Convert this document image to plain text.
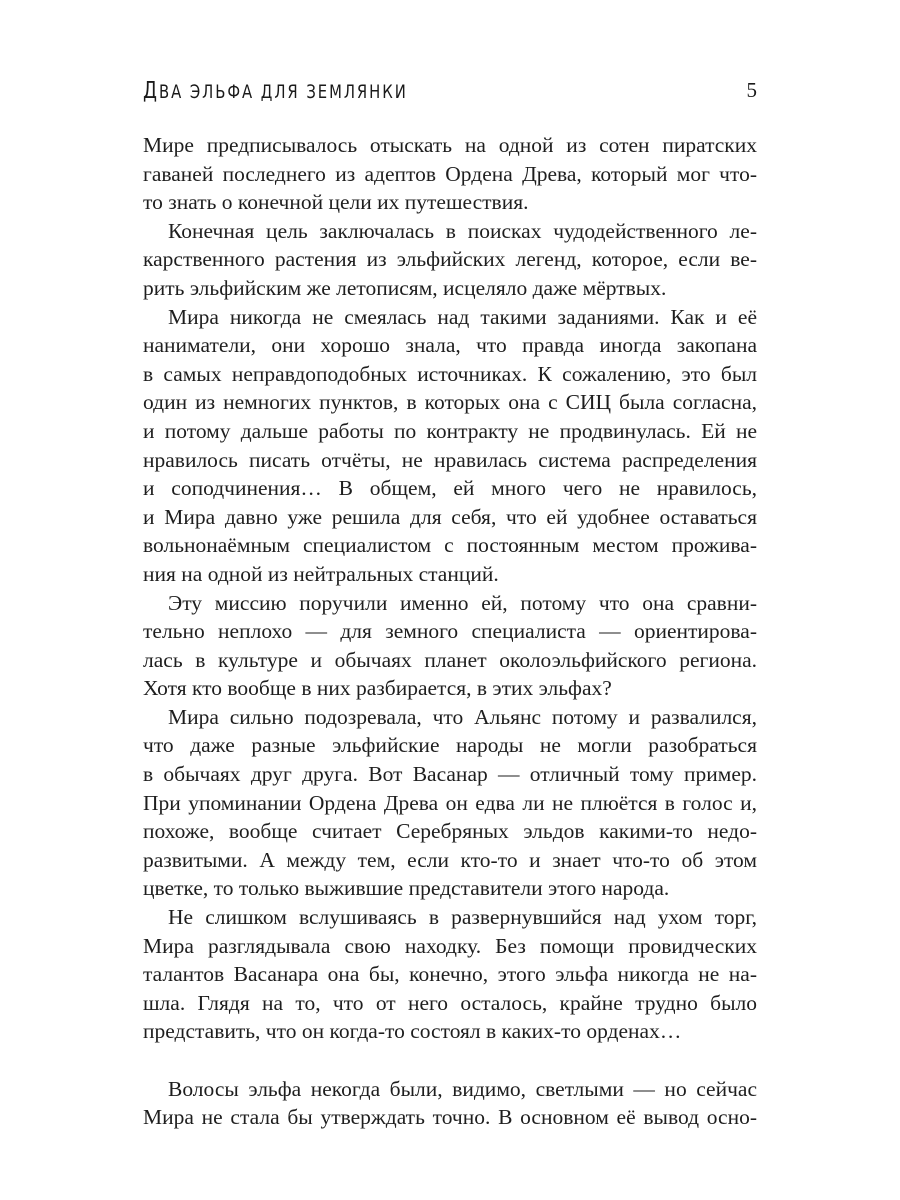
ДВА ЭЛЬФА ДЛЯ ЗЕМЛЯНКИ	5
Мире предписывалось отыскать на одной из сотен пиратских
гаваней последнего из адептов Ордена Древа, который мог что-
то знать о конечной цели их путешествия.
Конечная цель заключалась в поисках чудодейственного ле-
карственного растения из эльфийских легенд, которое, если ве-
рить эльфийским же летописям, исцеляло даже мёртвых.
Мира никогда не смеялась над такими заданиями. Как и её
наниматели, они хорошо знала, что правда иногда закопана
в самых неправдоподобных источниках. К сожалению, это был
один из немногих пунктов, в которых она с СИЦ была согласна,
и потому дальше работы по контракту не продвинулась. Ей не
нравилось писать отчёты, не нравилась система распределения
и соподчинения… В общем, ей много чего не нравилось,
и Мира давно уже решила для себя, что ей удобнее оставаться
вольнонаёмным специалистом с постоянным местом прожива-
ния на одной из нейтральных станций.
Эту миссию поручили именно ей, потому что она сравни-
тельно неплохо — для земного специалиста — ориентирова-
лась в культуре и обычаях планет околоэльфийского региона.
Хотя кто вообще в них разбирается, в этих эльфах?
Мира сильно подозревала, что Альянс потому и развалился,
что даже разные эльфийские народы не могли разобраться
в обычаях друг друга. Вот Васанар — отличный тому пример.
При упоминании Ордена Древа он едва ли не плюётся в голос и,
похоже, вообще считает Серебряных эльдов какими-то недо-
развитыми. А между тем, если кто-то и знает что-то об этом
цветке, то только выжившие представители этого народа.
Не слишком вслушиваясь в развернувшийся над ухом торг,
Мира разглядывала свою находку. Без помощи провидческих
талантов Васанара она бы, конечно, этого эльфа никогда не на-
шла. Глядя на то, что от него осталось, крайне трудно было
представить, что он когда-то состоял в каких-то орденах…
Волосы эльфа некогда были, видимо, светлыми — но сейчас
Мира не стала бы утверждать точно. В основном её вывод осно-
